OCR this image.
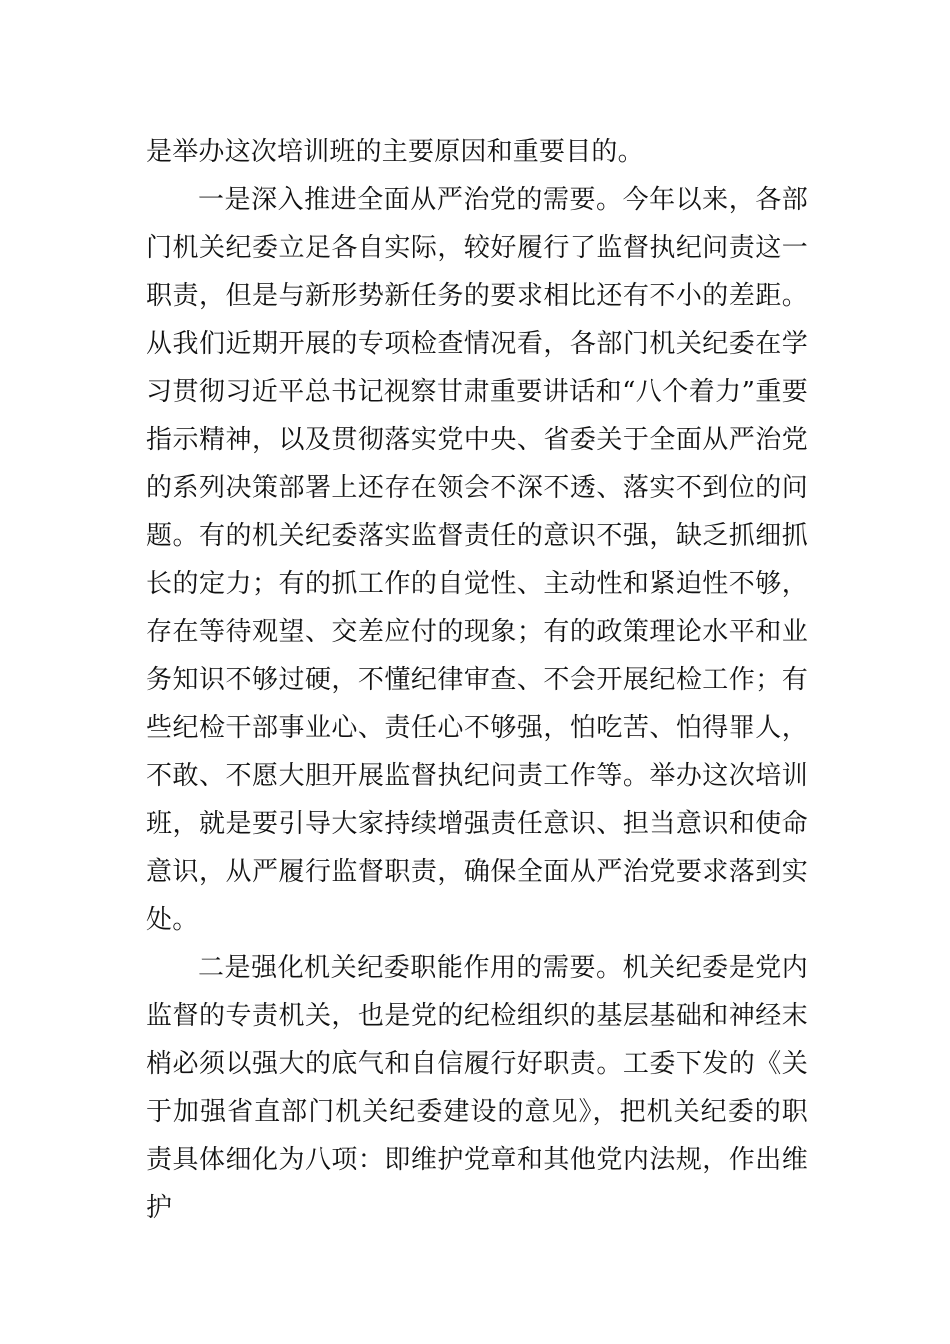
是举办这次培训班的主要原因和重要目的。

一是深入推进全面从严治党的需要。今年以来，各部门机关纪委立足各自实际，较好履行了监督执纪问责这一职责，但是与新形势新任务的要求相比还有不小的差距。从我们近期开展的专项检查情况看，各部门机关纪委在学习贯彻习近平总书记视察甘肃重要讲话和“八个着力”重要指示精神，以及贯彻落实党中央、省委关于全面从严治党的系列决策部署上还存在领会不深不透、落实不到位的问题。有的机关纪委落实监督责任的意识不强，缺乏抓细抓长的定力；有的抓工作的自觉性、主动性和紧迫性不够，存在等待观望、交差应付的现象；有的政策理论水平和业务知识不够过硬，不懂纪律审查、不会开展纪检工作；有些纪检干部事业心、责任心不够强，怕吃苦、怕得罪人，不敢、不愿大胆开展监督执纪问责工作等。举办这次培训班，就是要引导大家持续增强责任意识、担当意识和使命意识，从严履行监督职责，确保全面从严治党要求落到实处。

二是强化机关纪委职能作用的需要。机关纪委是党内监督的专责机关，也是党的纪检组织的基层基础和神经末梢必须以强大的底气和自信履行好职责。工委下发的《关于加强省直部门机关纪委建设的意见》，把机关纪委的职责具体细化为八项：即维护党章和其他党内法规，作出维护
